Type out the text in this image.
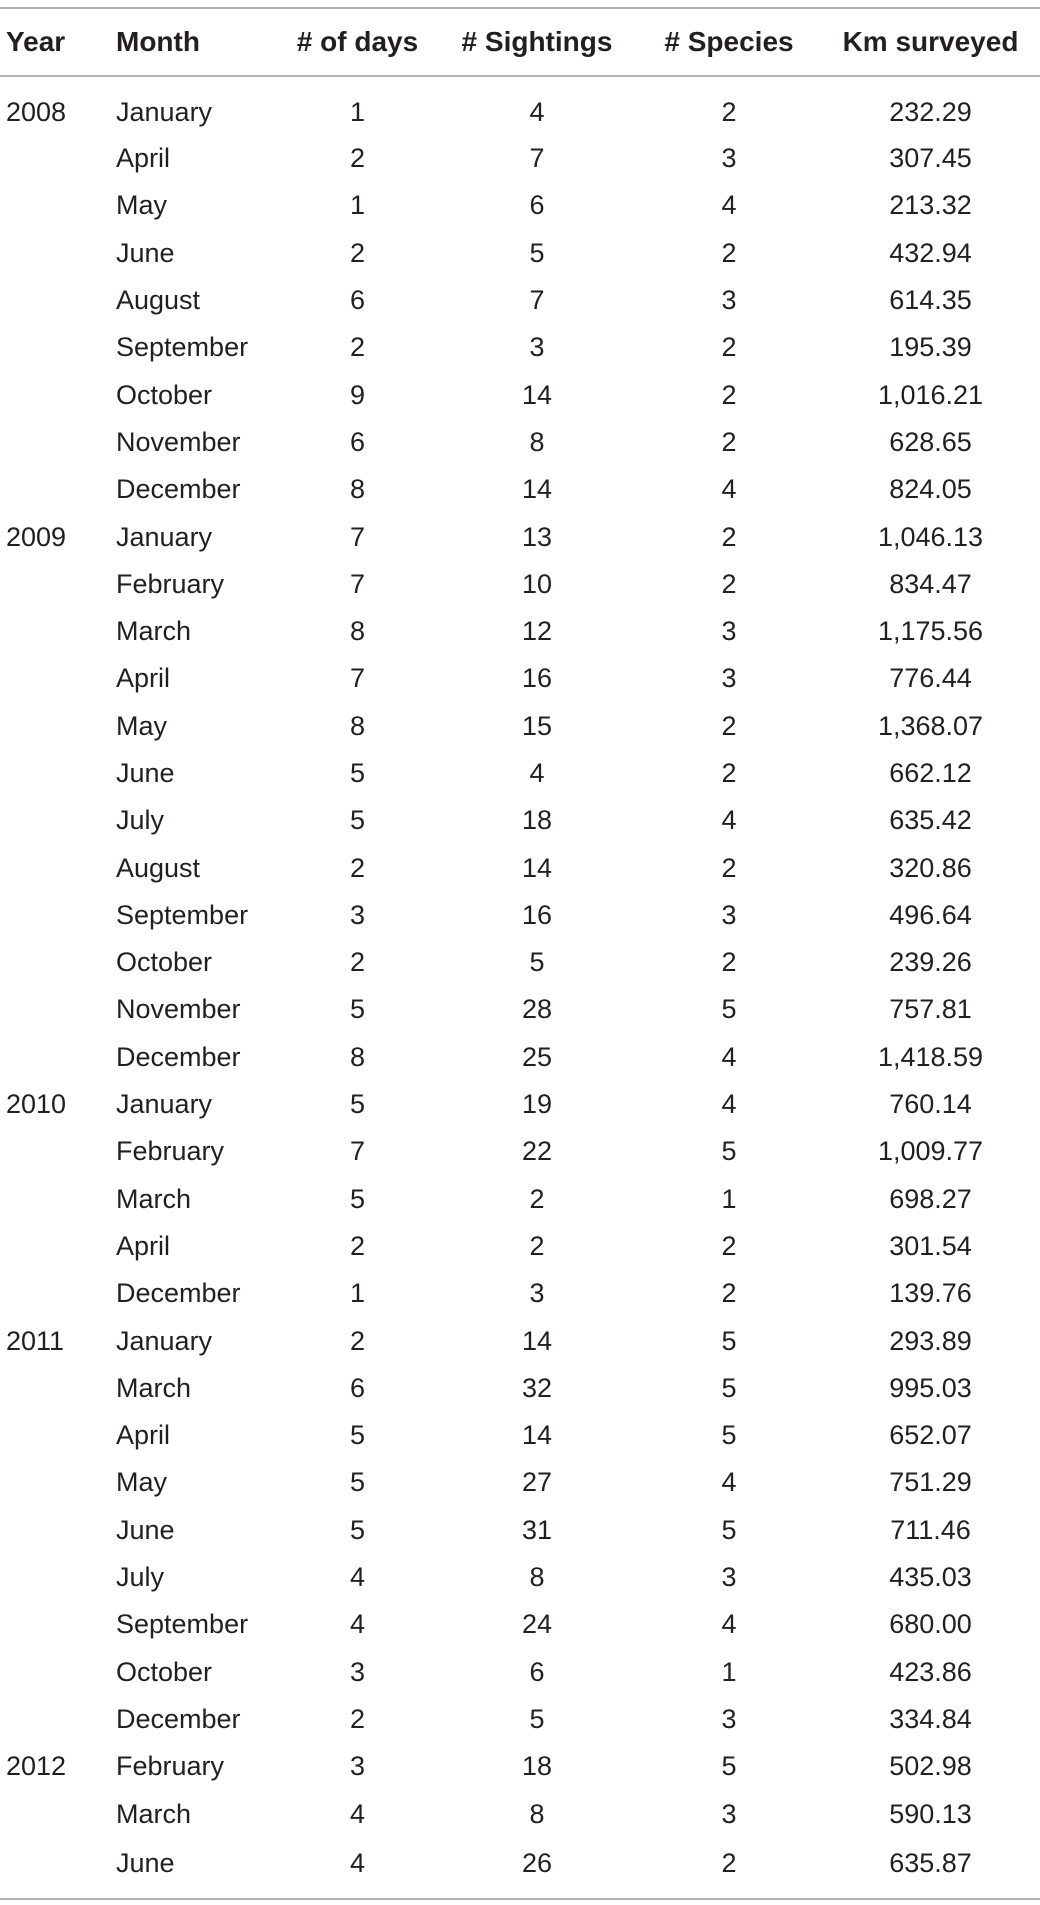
Year	Month	# of days	# Sightings	# Species	Km surveyed
2008	January	1	4	2	232.29
	April	2	7	3	307.45
	May	1	6	4	213.32
	June	2	5	2	432.94
	August	6	7	3	614.35
	September	2	3	2	195.39
	October	9	14	2	1,016.21
	November	6	8	2	628.65
	December	8	14	4	824.05
2009	January	7	13	2	1,046.13
	February	7	10	2	834.47
	March	8	12	3	1,175.56
	April	7	16	3	776.44
	May	8	15	2	1,368.07
	June	5	4	2	662.12
	July	5	18	4	635.42
	August	2	14	2	320.86
	September	3	16	3	496.64
	October	2	5	2	239.26
	November	5	28	5	757.81
	December	8	25	4	1,418.59
2010	January	5	19	4	760.14
	February	7	22	5	1,009.77
	March	5	2	1	698.27
	April	2	2	2	301.54
	December	1	3	2	139.76
2011	January	2	14	5	293.89
	March	6	32	5	995.03
	April	5	14	5	652.07
	May	5	27	4	751.29
	June	5	31	5	711.46
	July	4	8	3	435.03
	September	4	24	4	680.00
	October	3	6	1	423.86
	December	2	5	3	334.84
2012	February	3	18	5	502.98
	March	4	8	3	590.13
	June	4	26	2	635.87
